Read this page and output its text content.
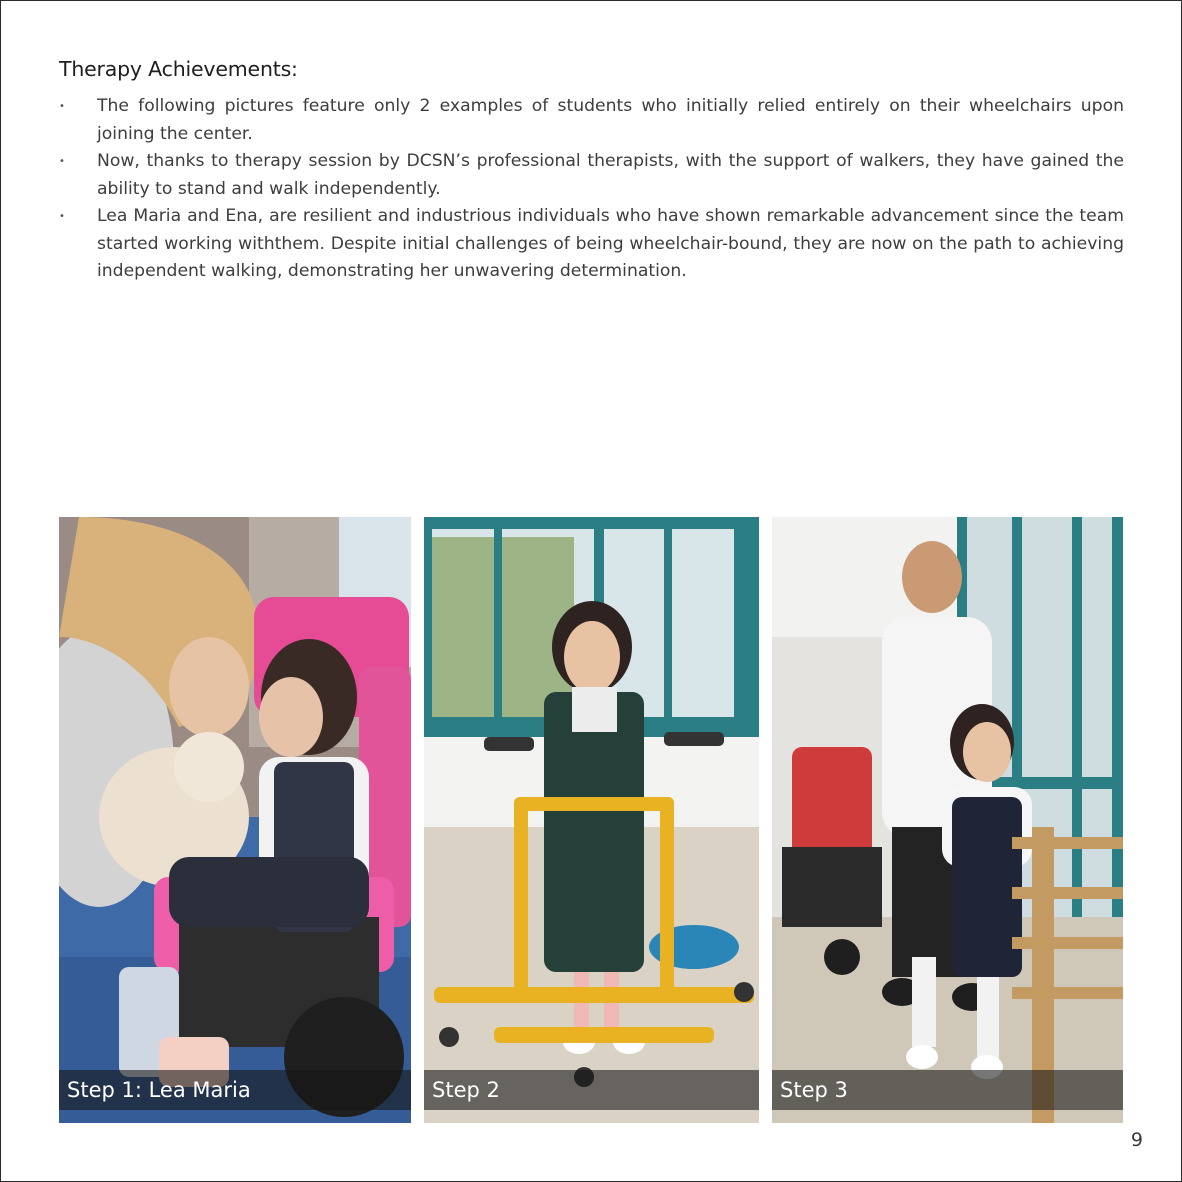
Therapy Achievements:
• The following pictures feature only 2 examples of students who initially relied entirely on their wheelchairs upon joining the center.
• Now, thanks to therapy session by DCSN’s professional therapists, with the support of walkers, they have gained the ability to stand and walk independently.
• Lea Maria and Ena, are resilient and industrious individuals who have shown remarkable advancement since the team started working withthem. Despite initial challenges of being wheelchair-bound, they are now on the path to achieving independent walking, demonstrating her unwavering determination.
Step 1: Lea Maria	Step 2	Step 3
9
